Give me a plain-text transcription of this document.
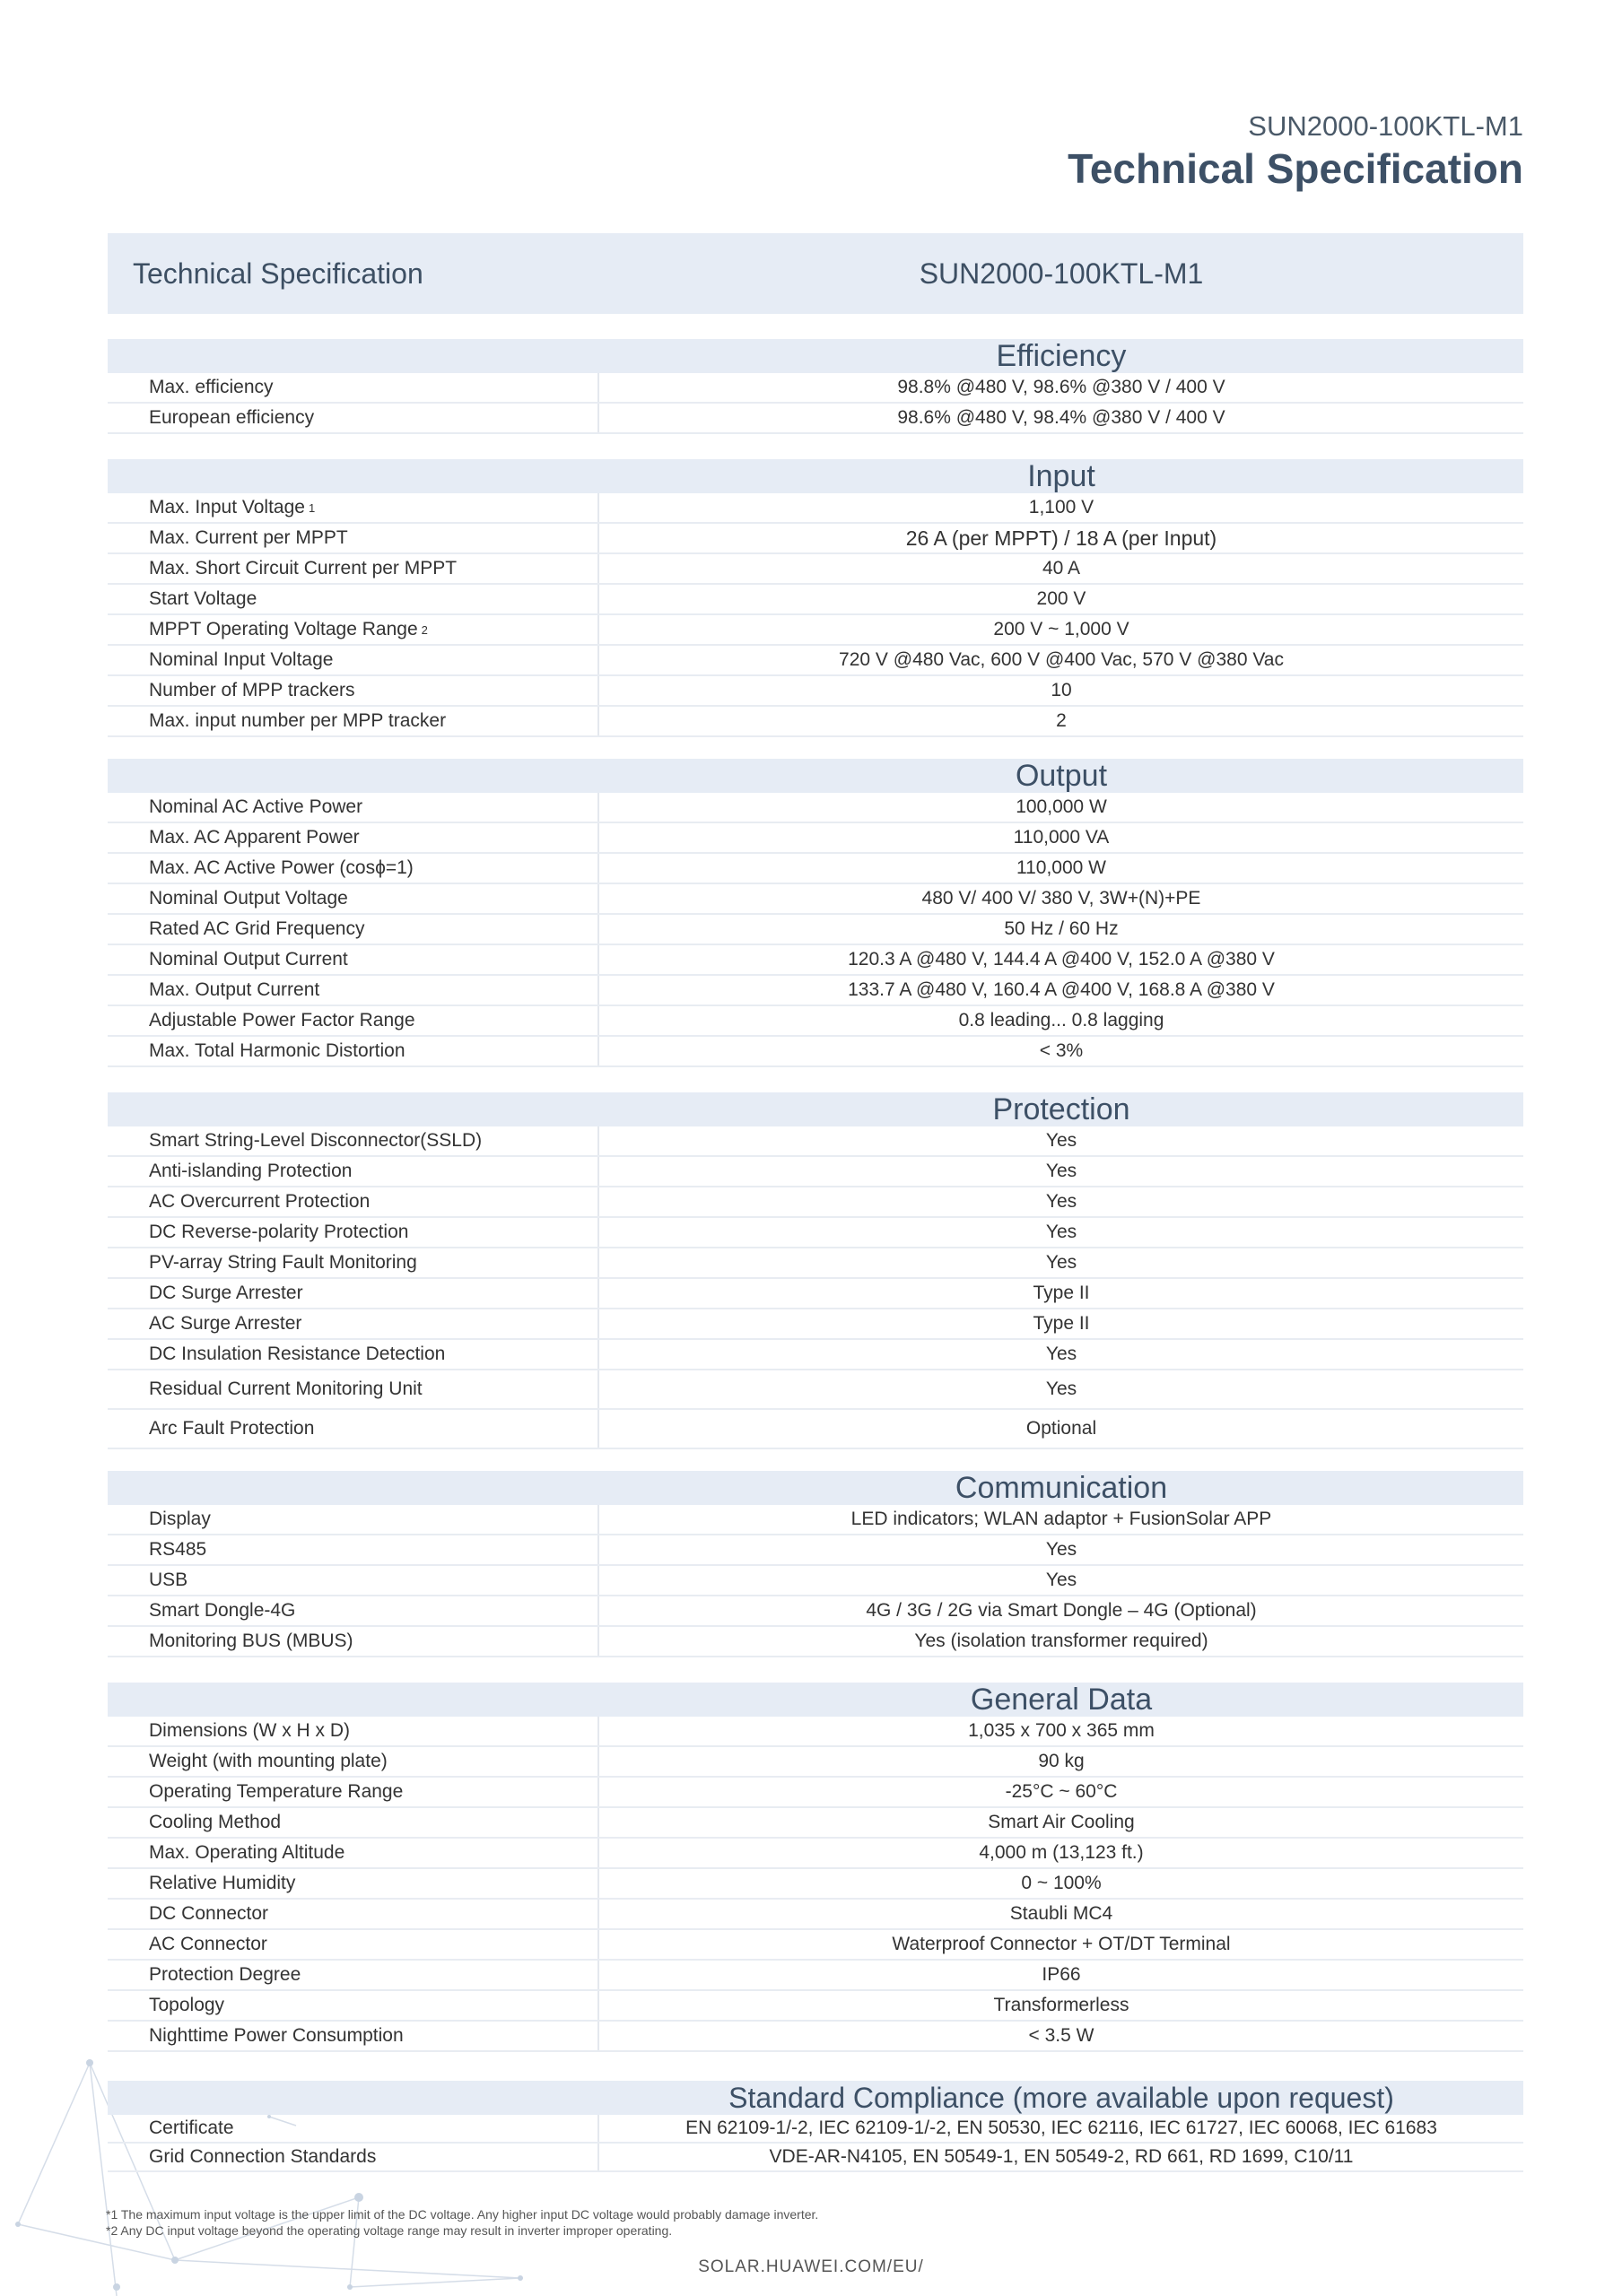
SUN2000-100KTL-M1
Technical Specification
Technical Specification	SUN2000-100KTL-M1
Efficiency
Max. efficiency	98.8% @480 V, 98.6% @380 V / 400 V
European efficiency	98.6% @480 V, 98.4% @380 V / 400 V
Input
Max. Input Voltage 1	1,100 V
Max. Current per MPPT	26 A (per MPPT) / 18 A (per Input)
Max. Short Circuit Current per MPPT	40 A
Start Voltage	200 V
MPPT Operating Voltage Range 2	200 V ~ 1,000 V
Nominal Input Voltage	720 V @480 Vac, 600 V @400 Vac, 570 V @380 Vac
Number of MPP trackers	10
Max. input number per MPP tracker	2
Output
Nominal AC Active Power	100,000 W
Max. AC Apparent Power	110,000 VA
Max. AC Active Power (cosϕ=1)	110,000 W
Nominal Output Voltage	480 V/ 400 V/ 380 V, 3W+(N)+PE
Rated AC Grid Frequency	50 Hz / 60 Hz
Nominal Output Current	120.3 A @480 V, 144.4 A @400 V, 152.0 A @380 V
Max. Output Current	133.7 A @480 V, 160.4 A @400 V, 168.8 A @380 V
Adjustable Power Factor Range	0.8 leading... 0.8 lagging
Max. Total Harmonic Distortion	< 3%
Protection
Smart String-Level Disconnector(SSLD)	Yes
Anti-islanding Protection	Yes
AC Overcurrent Protection	Yes
DC Reverse-polarity Protection	Yes
PV-array String Fault Monitoring	Yes
DC Surge Arrester	Type II
AC Surge Arrester	Type II
DC Insulation Resistance Detection	Yes
Residual Current Monitoring Unit	Yes
Arc Fault Protection	Optional
Communication
Display	LED indicators; WLAN adaptor + FusionSolar APP
RS485	Yes
USB	Yes
Smart Dongle-4G	4G / 3G / 2G via Smart Dongle – 4G (Optional)
Monitoring BUS (MBUS)	Yes (isolation transformer required)
General Data
Dimensions (W x H x D)	1,035 x 700 x 365 mm
Weight (with mounting plate)	90 kg
Operating Temperature Range	-25°C ~ 60°C
Cooling Method	Smart Air Cooling
Max. Operating Altitude	4,000 m (13,123 ft.)
Relative Humidity	0 ~ 100%
DC Connector	Staubli MC4
AC Connector	Waterproof Connector + OT/DT Terminal
Protection Degree	IP66
Topology	Transformerless
Nighttime Power Consumption	< 3.5 W
Standard Compliance (more available upon request)
Certificate	EN 62109-1/-2, IEC 62109-1/-2, EN 50530, IEC 62116, IEC 61727, IEC 60068, IEC 61683
Grid Connection Standards	VDE-AR-N4105, EN 50549-1, EN 50549-2, RD 661, RD 1699, C10/11
*1 The maximum input voltage is the upper limit of the DC voltage. Any higher input DC voltage would probably damage inverter.
*2 Any DC input voltage beyond the operating voltage range may result in inverter improper operating.
SOLAR.HUAWEI.COM/EU/
